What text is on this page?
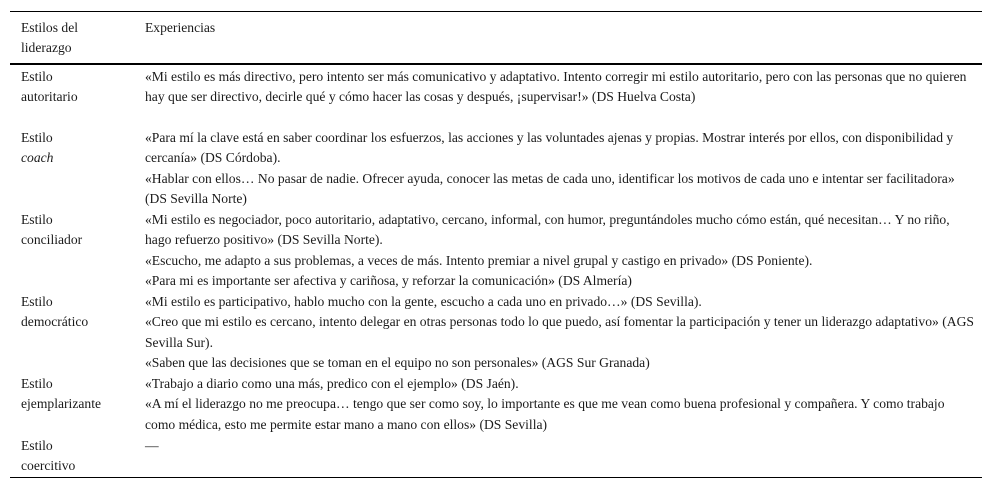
Estilos del
liderazgo
Experiencias
Estilo
autoritario
«Mi estilo es más directivo, pero intento ser más comunicativo y adaptativo. Intento corregir mi estilo autoritario, pero con las personas que no quieren hay que ser directivo, decirle qué y cómo hacer las cosas y después, ¡supervisar!» (DS Huelva Costa)
Estilo
coach
«Para mí la clave está en saber coordinar los esfuerzos, las acciones y las voluntades ajenas y propias. Mostrar interés por ellos, con disponibilidad y cercanía» (DS Córdoba).
«Hablar con ellos… No pasar de nadie. Ofrecer ayuda, conocer las metas de cada uno, identificar los motivos de cada uno e intentar ser facilitadora» (DS Sevilla Norte)
Estilo
conciliador
«Mi estilo es negociador, poco autoritario, adaptativo, cercano, informal, con humor, preguntándoles mucho cómo están, qué necesitan… Y no riño, hago refuerzo positivo» (DS Sevilla Norte).
«Escucho, me adapto a sus problemas, a veces de más. Intento premiar a nivel grupal y castigo en privado» (DS Poniente).
«Para mi es importante ser afectiva y cariñosa, y reforzar la comunicación» (DS Almería)
Estilo
democrático
«Mi estilo es participativo, hablo mucho con la gente, escucho a cada uno en privado…» (DS Sevilla).
«Creo que mi estilo es cercano, intento delegar en otras personas todo lo que puedo, así fomentar la participación y tener un liderazgo adaptativo» (AGS Sevilla Sur).
«Saben que las decisiones que se toman en el equipo no son personales» (AGS Sur Granada)
Estilo
ejemplarizante
«Trabajo a diario como una más, predico con el ejemplo» (DS Jaén).
«A mí el liderazgo no me preocupa… tengo que ser como soy, lo importante es que me vean como buena profesional y compañera. Y como trabajo como médica, esto me permite estar mano a mano con ellos» (DS Sevilla)
Estilo
coercitivo
—
